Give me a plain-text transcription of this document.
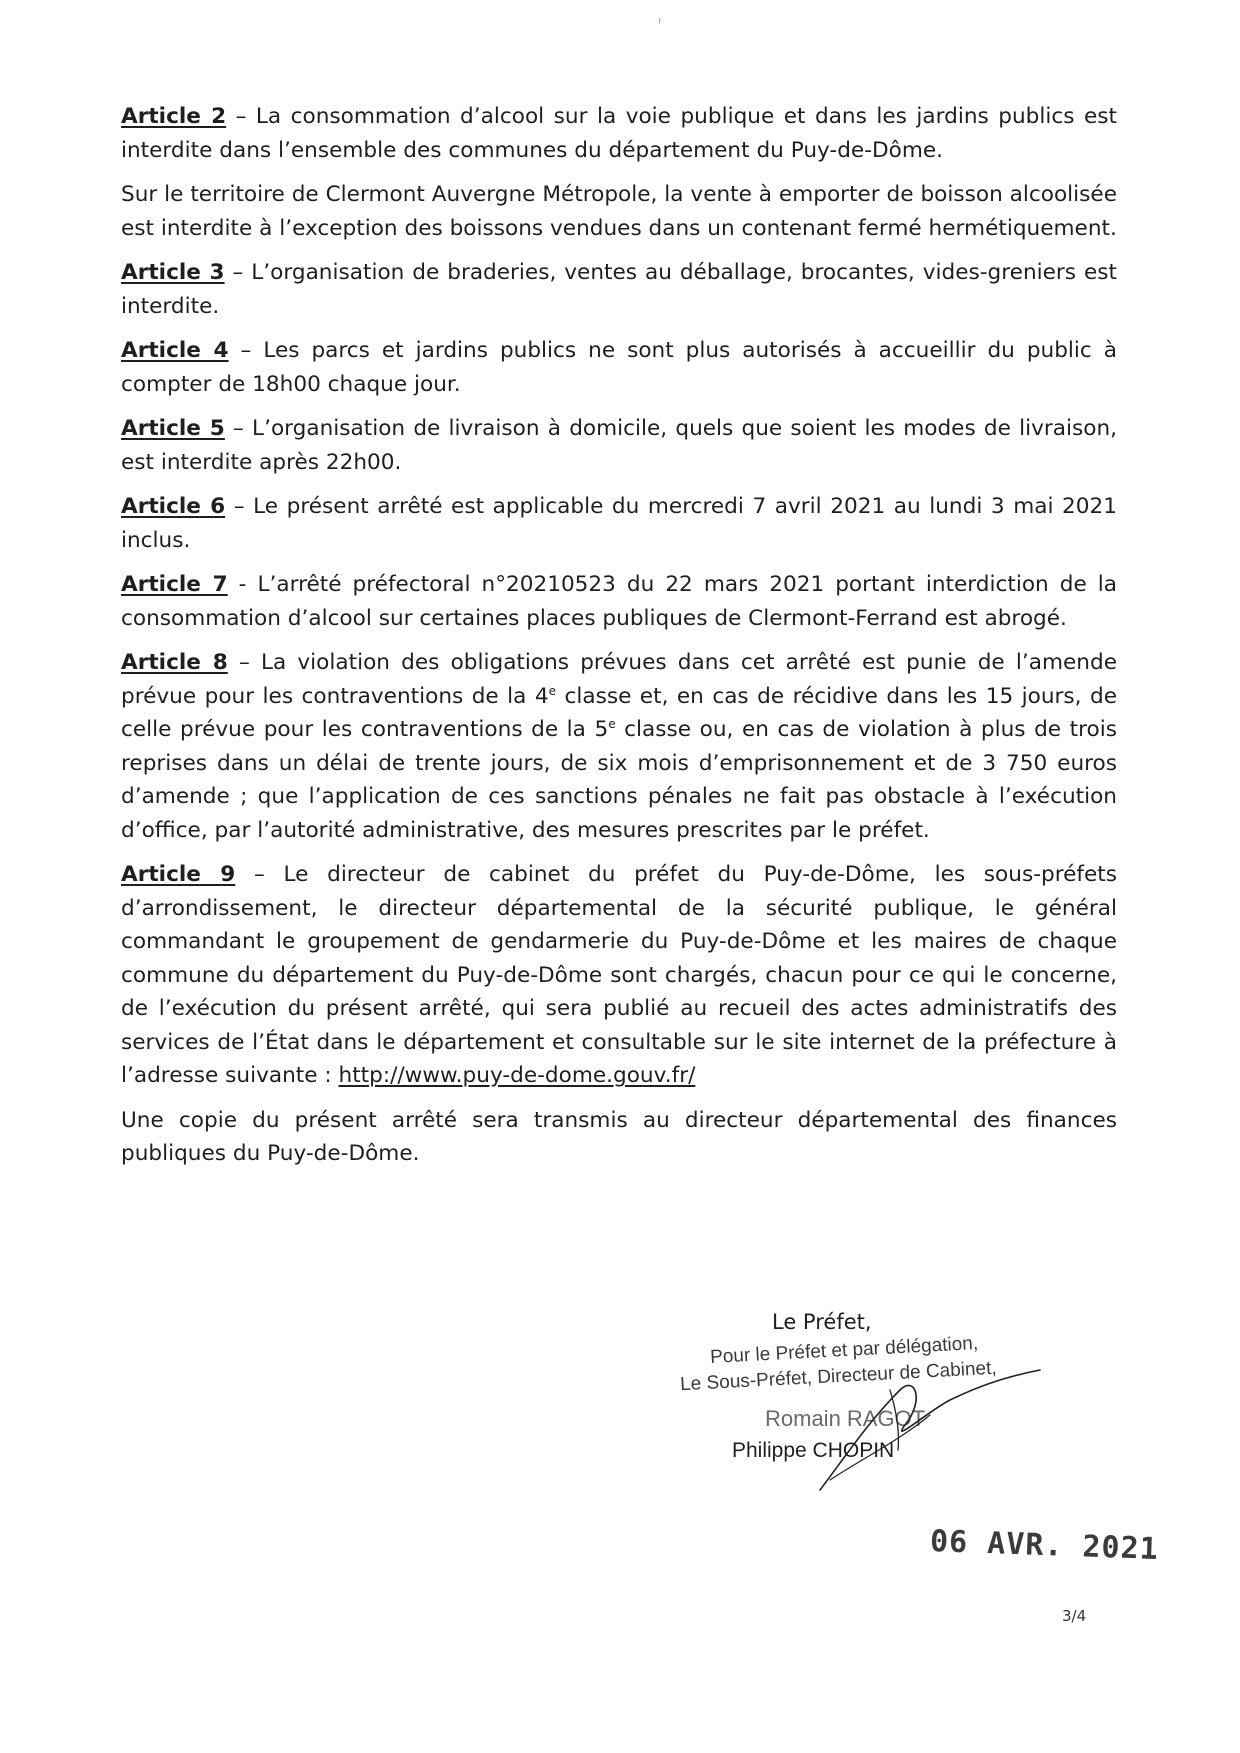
Article 2 – La consommation d’alcool sur la voie publique et dans les jardins publics est interdite dans l’ensemble des communes du département du Puy-de-Dôme.

Sur le territoire de Clermont Auvergne Métropole, la vente à emporter de boisson alcoolisée est interdite à l’exception des boissons vendues dans un contenant fermé hermétiquement.

Article 3 – L’organisation de braderies, ventes au déballage, brocantes, vides-greniers est interdite.

Article 4 – Les parcs et jardins publics ne sont plus autorisés à accueillir du public à compter de 18h00 chaque jour.

Article 5 – L’organisation de livraison à domicile, quels que soient les modes de livraison, est interdite après 22h00.

Article 6 – Le présent arrêté est applicable du mercredi 7 avril 2021 au lundi 3 mai 2021 inclus.

Article 7 - L’arrêté préfectoral n°20210523 du 22 mars 2021 portant interdiction de la consommation d’alcool sur certaines places publiques de Clermont-Ferrand est abrogé.

Article 8 – La violation des obligations prévues dans cet arrêté est punie de l’amende prévue pour les contraventions de la 4e classe et, en cas de récidive dans les 15 jours, de celle prévue pour les contraventions de la 5e classe ou, en cas de violation à plus de trois reprises dans un délai de trente jours, de six mois d’emprisonnement et de 3 750 euros d’amende ; que l’application de ces sanctions pénales ne fait pas obstacle à l’exécution d’office, par l’autorité administrative, des mesures prescrites par le préfet.

Article 9 – Le directeur de cabinet du préfet du Puy-de-Dôme, les sous-préfets d’arrondissement, le directeur départemental de la sécurité publique, le général commandant le groupement de gendarmerie du Puy-de-Dôme et les maires de chaque commune du département du Puy-de-Dôme sont chargés, chacun pour ce qui le concerne, de l’exécution du présent arrêté, qui sera publié au recueil des actes administratifs des services de l’État dans le département et consultable sur le site internet de la préfecture à l’adresse suivante : http://www.puy-de-dome.gouv.fr/

Une copie du présent arrêté sera transmis au directeur départemental des finances publiques du Puy-de-Dôme.

Le Préfet,
Pour le Préfet et par délégation,
Le Sous-Préfet, Directeur de Cabinet,
Romain RAGOT
Philippe CHOPIN
06 AVR. 2021
3/4
